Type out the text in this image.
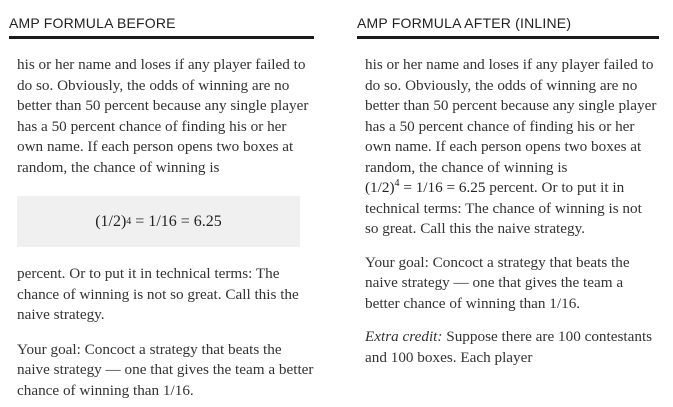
AMP FORMULA BEFORE

his or her name and loses if any player failed to do so. Obviously, the odds of winning are no better than 50 percent because any single player has a 50 percent chance of finding his or her own name. If each person opens two boxes at random, the chance of winning is

(1/2) 4 = 1/16 = 6.25

percent. Or to put it in technical terms: The chance of winning is not so great. Call this the naive strategy.

Your goal: Concoct a strategy that beats the naive strategy — one that gives the team a better chance of winning than 1/16.

AMP FORMULA AFTER (INLINE)

his or her name and loses if any player failed to do so. Obviously, the odds of winning are no better than 50 percent because any single player has a 50 percent chance of finding his or her own name. If each person opens two boxes at random, the chance of winning is
$(1/2)^4 = 1/16 = 6.25$ percent. Or to put it in technical terms: The chance of winning is not so great. Call this the naive strategy.

Your goal: Concoct a strategy that beats the naive strategy — one that gives the team a better chance of winning than 1/16.

Extra credit: Suppose there are 100 contestants and 100 boxes. Each player
